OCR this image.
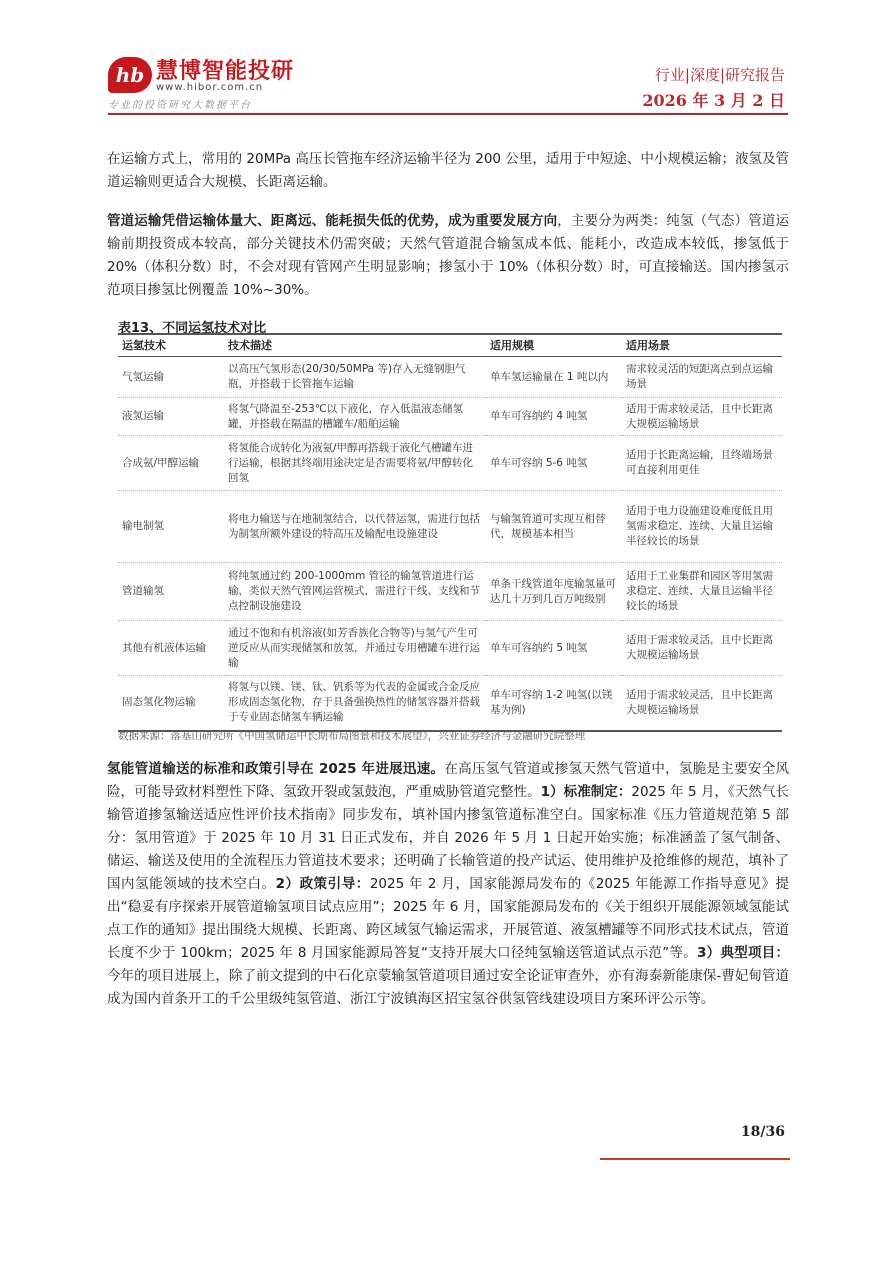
hb 慧博智能投研
www.hibor.com.cn
专业的投资研究大数据平台
行业|深度|研究报告
2026 年 3 月 2 日

在运输方式上，常用的 20MPa 高压长管拖车经济运输半径为 200 公里，适用于中短途、中小规模运输；液氢及管道运输则更适合大规模、长距离运输。

管道运输凭借运输体量大、距离远、能耗损失低的优势，成为重要发展方向，主要分为两类：纯氢（气态）管道运输前期投资成本较高，部分关键技术仍需突破；天然气管道混合输氢成本低、能耗小，改造成本较低，掺氢低于 20%（体积分数）时，不会对现有管网产生明显影响；掺氢小于 10%（体积分数）时，可直接输送。国内掺氢示范项目掺氢比例覆盖 10%~30%。

表13、不同运氢技术对比
运氢技术	技术描述	适用规模	适用场景
气氢运输	以高压气氢形态(20/30/50MPa 等)存入无缝钢胆气瓶，并搭载于长管拖车运输	单车氢运输量在 1 吨以内	需求较灵活的短距离点到点运输场景
液氢运输	将氢气降温至-253℃以下液化，存入低温液态储氢罐，并搭载在隔温的槽罐车/船舶运输	单车可容纳约 4 吨氢	适用于需求较灵活，且中长距离大规模运输场景
合成氨/甲醇运输	将氢能合成转化为液氨/甲醇再搭载于液化气槽罐车进行运输，根据其终端用途决定是否需要将氨/甲醇转化回氢	单车可容纳 5-6 吨氢	适用于长距离运输，且终端场景可直接利用更佳
输电制氢	将电力输送与在地制氢结合，以代替运氢，需进行包括为制氢所额外建设的特高压及输配电设施建设	与输氢管道可实现互相替代，规模基本相当	适用于电力设施建设难度低且用氢需求稳定、连续、大量且运输半径较长的场景
管道输氢	将纯氢通过约 200-1000mm 管径的输氢管道进行运输，类似天然气管网运营模式，需进行干线、支线和节点控制设施建设	单条干线管道年度输氢量可达几十万到几百万吨级别	适用于工业集群和园区等用氢需求稳定、连续、大量且运输半径较长的场景
其他有机液体运输	通过不饱和有机溶液(如芳香族化合物等)与氢气产生可逆反应从而实现储氢和放氢，并通过专用槽罐车进行运输	单车可容纳约 5 吨氢	适用于需求较灵活，且中长距离大规模运输场景
固态氢化物运输	将氢与以镁、镁、钛、钒系等为代表的金属或合金反应形成固态氢化物，存于具备强换热性的储氢容器并搭载于专业固态储氢车辆运输	单车可容纳 1-2 吨氢(以镁基为例)	适用于需求较灵活，且中长距离大规模运输场景
数据来源：落基山研究所《中国氢储运中长期布局图景和技术展望》，兴业证券经济与金融研究院整理

氢能管道输送的标准和政策引导在 2025 年进展迅速。在高压氢气管道或掺氢天然气管道中，氢脆是主要安全风险，可能导致材料塑性下降、氢致开裂或氢鼓泡，严重威胁管道完整性。1）标准制定：2025 年 5 月，《天然气长输管道掺氢输送适应性评价技术指南》同步发布，填补国内掺氢管道标准空白。国家标准《压力管道规范第 5 部分：氢用管道》于 2025 年 10 月 31 日正式发布，并自 2026 年 5 月 1 日起开始实施；标准涵盖了氢气制备、储运、输送及使用的全流程压力管道技术要求；还明确了长输管道的投产试运、使用维护及抢维修的规范，填补了国内氢能领域的技术空白。2）政策引导：2025 年 2 月，国家能源局发布的《2025 年能源工作指导意见》提出“稳妥有序探索开展管道输氢项目试点应用”；2025 年 6 月，国家能源局发布的《关于组织开展能源领域氢能试点工作的通知》提出围绕大规模、长距离、跨区域氢气输运需求，开展管道、液氢槽罐等不同形式技术试点，管道长度不少于 100km；2025 年 8 月国家能源局答复“支持开展大口径纯氢输送管道试点示范”等。3）典型项目：今年的项目进展上，除了前文提到的中石化京蒙输氢管道项目通过安全论证审查外，亦有海泰新能康保-曹妃甸管道成为国内首条开工的千公里级纯氢管道、浙江宁波镇海区招宝氢谷供氢管线建设项目方案环评公示等。

18/36
